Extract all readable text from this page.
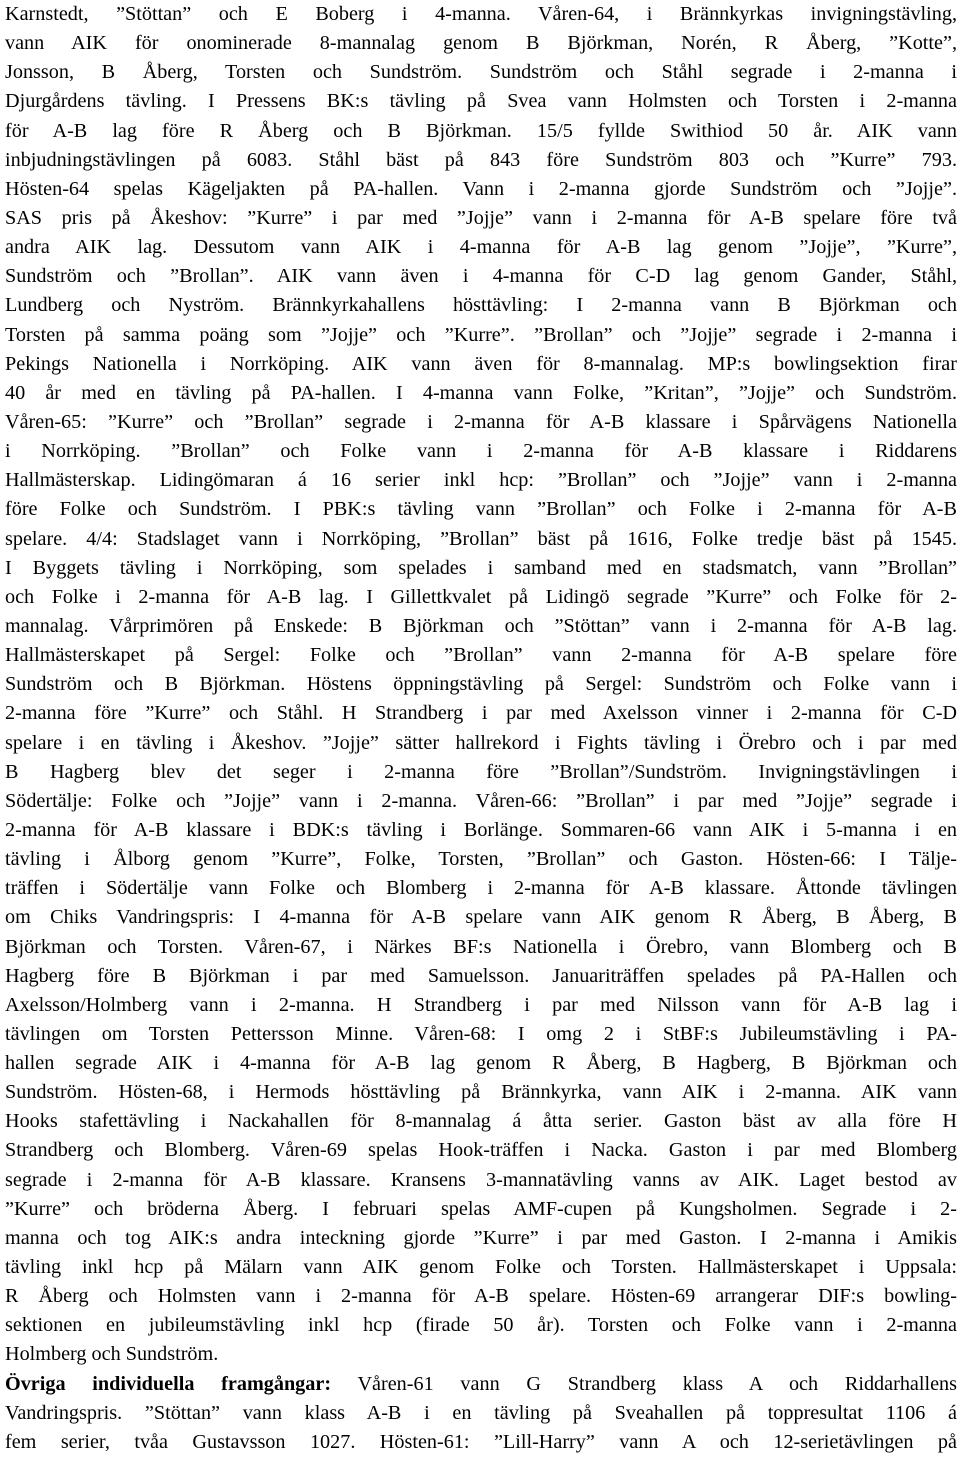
Karnstedt, ”Stöttan” och E Boberg i 4-manna. Våren-64, i Brännkyrkas invigningstävling,
vann AIK för onominerade 8-mannalag genom B Björkman, Norén, R Åberg, ”Kotte”,
Jonsson, B Åberg, Torsten och Sundström. Sundström och Ståhl segrade i 2-manna i
Djurgårdens tävling. I Pressens BK:s tävling på Svea vann Holmsten och Torsten i 2-manna
för A-B lag före R Åberg och B Björkman. 15/5 fyllde Swithiod 50 år. AIK vann
inbjudningstävlingen på 6083. Ståhl bäst på 843 före Sundström 803 och ”Kurre” 793.
Hösten-64 spelas Kägeljakten på PA-hallen. Vann i 2-manna gjorde Sundström och ”Jojje”.
SAS pris på Åkeshov: ”Kurre” i par med ”Jojje” vann i 2-manna för A-B spelare före två
andra AIK lag. Dessutom vann AIK i 4-manna för A-B lag genom ”Jojje”, ”Kurre”,
Sundström och ”Brollan”. AIK vann även i 4-manna för C-D lag genom Gander, Ståhl,
Lundberg och Nyström. Brännkyrkahallens hösttävling: I 2-manna vann B Björkman och
Torsten på samma poäng som ”Jojje” och ”Kurre”. ”Brollan” och ”Jojje” segrade i 2-manna i
Pekings Nationella i Norrköping. AIK vann även för 8-mannalag. MP:s bowlingsektion firar
40 år med en tävling på PA-hallen. I 4-manna vann Folke, ”Kritan”, ”Jojje” och Sundström.
Våren-65: ”Kurre” och ”Brollan” segrade i 2-manna för A-B klassare i Spårvägens Nationella
i Norrköping. ”Brollan” och Folke vann i 2-manna för A-B klassare i Riddarens
Hallmästerskap. Lidingömaran á 16 serier inkl hcp: ”Brollan” och ”Jojje” vann i 2-manna
före Folke och Sundström. I PBK:s tävling vann ”Brollan” och Folke i 2-manna för A-B
spelare. 4/4: Stadslaget vann i Norrköping, ”Brollan” bäst på 1616, Folke tredje bäst på 1545.
I Byggets tävling i Norrköping, som spelades i samband med en stadsmatch, vann ”Brollan”
och Folke i 2-manna för A-B lag. I Gillettkvalet på Lidingö segrade ”Kurre” och Folke för 2-
mannalag. Vårprimören på Enskede: B Björkman och ”Stöttan” vann i 2-manna för A-B lag.
Hallmästerskapet på Sergel: Folke och ”Brollan” vann 2-manna för A-B spelare före
Sundström och B Björkman. Höstens öppningstävling på Sergel: Sundström och Folke vann i
2-manna före ”Kurre” och Ståhl. H Strandberg i par med Axelsson vinner i 2-manna för C-D
spelare i en tävling i Åkeshov. ”Jojje” sätter hallrekord i Fights tävling i Örebro och i par med
B Hagberg blev det seger i 2-manna före ”Brollan”/Sundström. Invigningstävlingen i
Södertälje: Folke och ”Jojje” vann i 2-manna. Våren-66: ”Brollan” i par med ”Jojje” segrade i
2-manna för A-B klassare i BDK:s tävling i Borlänge. Sommaren-66 vann AIK i 5-manna i en
tävling i Ålborg genom ”Kurre”, Folke, Torsten, ”Brollan” och Gaston. Hösten-66: I Tälje-
träffen i Södertälje vann Folke och Blomberg i 2-manna för A-B klassare. Åttonde tävlingen
om Chiks Vandringspris: I 4-manna för A-B spelare vann AIK genom R Åberg, B Åberg, B
Björkman och Torsten. Våren-67, i Närkes BF:s Nationella i Örebro, vann Blomberg och B
Hagberg före B Björkman i par med Samuelsson. Januariträffen spelades på PA-Hallen och
Axelsson/Holmberg vann i 2-manna. H Strandberg i par med Nilsson vann för A-B lag i
tävlingen om Torsten Pettersson Minne. Våren-68: I omg 2 i StBF:s Jubileumstävling i PA-
hallen segrade AIK i 4-manna för A-B lag genom R Åberg, B Hagberg, B Björkman och
Sundström. Hösten-68, i Hermods hösttävling på Brännkyrka, vann AIK i 2-manna. AIK vann
Hooks stafettävling i Nackahallen för 8-mannalag á åtta serier. Gaston bäst av alla före H
Strandberg och Blomberg. Våren-69 spelas Hook-träffen i Nacka. Gaston i par med Blomberg
segrade i 2-manna för A-B klassare. Kransens 3-mannatävling vanns av AIK. Laget bestod av
”Kurre” och bröderna Åberg. I februari spelas AMF-cupen på Kungsholmen. Segrade i 2-
manna och tog AIK:s andra inteckning gjorde ”Kurre” i par med Gaston. I 2-manna i Amikis
tävling inkl hcp på Mälarn vann AIK genom Folke och Torsten. Hallmästerskapet i Uppsala:
R Åberg och Holmsten vann i 2-manna för A-B spelare. Hösten-69 arrangerar DIF:s bowling-
sektionen en jubileumstävling inkl hcp (firade 50 år). Torsten och Folke vann i 2-manna
Holmberg och Sundström.
Övriga individuella framgångar: Våren-61 vann G Strandberg klass A och Riddarhallens
Vandringspris. ”Stöttan” vann klass A-B i en tävling på Sveahallen på toppresultat 1106 á
fem serier, tvåa Gustavsson 1027. Hösten-61: ”Lill-Harry” vann A och 12-serietävlingen på
